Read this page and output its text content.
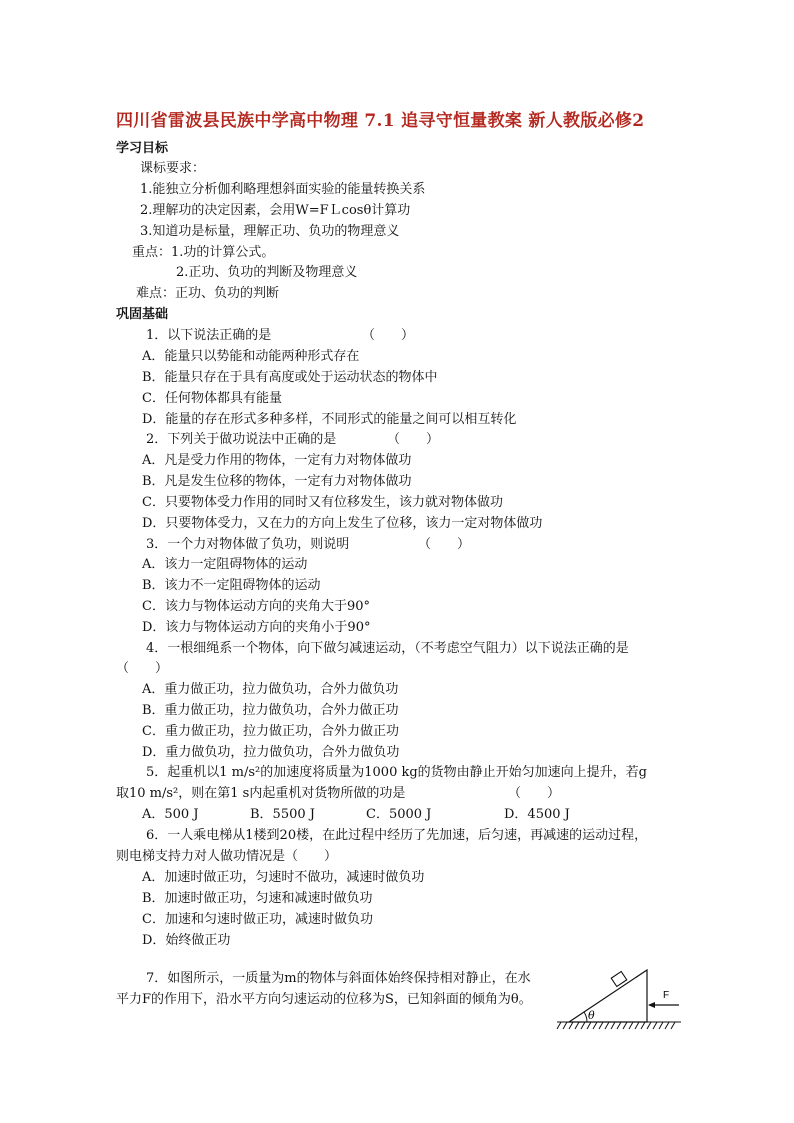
四川省雷波县民族中学高中物理 7.1 追寻守恒量教案 新人教版必修2
学习目标
课标要求：
1.能独立分析伽利略理想斜面实验的能量转换关系
2.理解功的决定因素，会用W=FＬcosθ计算功
3.知道功是标量，理解正功、负功的物理意义
重点：1.功的计算公式。
2.正功、负功的判断及物理意义
难点：正功、负功的判断
巩固基础
1．以下说法正确的是	（　　）
A．能量只以势能和动能两种形式存在
B．能量只存在于具有高度或处于运动状态的物体中
C．任何物体都具有能量
D．能量的存在形式多种多样，不同形式的能量之间可以相互转化
2．下列关于做功说法中正确的是	（　　）
A．凡是受力作用的物体，一定有力对物体做功
B．凡是发生位移的物体，一定有力对物体做功
C．只要物体受力作用的同时又有位移发生，该力就对物体做功
D．只要物体受力，又在力的方向上发生了位移，该力一定对物体做功
3．一个力对物体做了负功，则说明	（　　）
A．该力一定阻碍物体的运动
B．该力不一定阻碍物体的运动
C．该力与物体运动方向的夹角大于90°
D．该力与物体运动方向的夹角小于90°
4．一根细绳系一个物体，向下做匀减速运动，（不考虑空气阻力）以下说法正确的是
（　　）
A．重力做正功，拉力做负功，合外力做负功
B．重力做正功，拉力做负功，合外力做正功
C．重力做正功，拉力做正功，合外力做正功
D．重力做负功，拉力做负功，合外力做负功
5．起重机以1 m/s²的加速度将质量为1000 kg的货物由静止开始匀加速向上提升，若g
取10 m/s²，则在第1 s内起重机对货物所做的功是	（　　）
A．500 J	B．5500 J	C．5000 J	D．4500 J
6．一人乘电梯从1楼到20楼，在此过程中经历了先加速，后匀速，再减速的运动过程，
则电梯支持力对人做功情况是（　　）
A．加速时做正功，匀速时不做功，减速时做负功
B．加速时做正功，匀速和减速时做负功
C．加速和匀速时做正功，减速时做负功
D．始终做正功
7．如图所示，一质量为m的物体与斜面体始终保持相对静止，在水
平力F的作用下，沿水平方向匀速运动的位移为S，已知斜面的倾角为θ。
θ
F
